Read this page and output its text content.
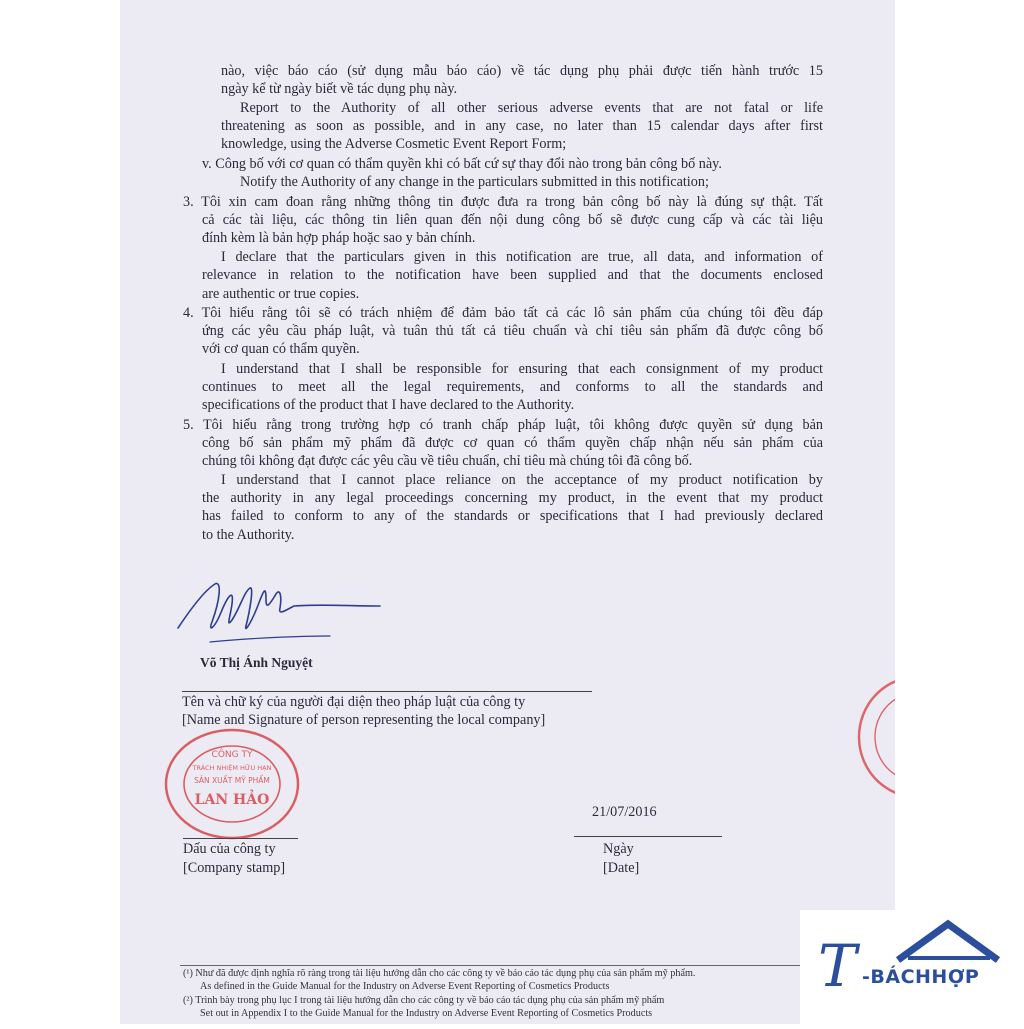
nào, việc báo cáo (sử dụng mẫu báo cáo) về tác dụng phụ phải được tiến hành trước 15
ngày kể từ ngày biết về tác dụng phụ này.
Report to the Authority of all other serious adverse events that are not fatal or life
threatening as soon as possible, and in any case, no later than 15 calendar days after first
knowledge, using the Adverse Cosmetic Event Report Form;
v. Công bố với cơ quan có thẩm quyền khi có bất cứ sự thay đổi nào trong bản công bố này.
Notify the Authority of any change in the particulars submitted in this notification;
3. Tôi xin cam đoan rằng những thông tin được đưa ra trong bản công bố này là đúng sự thật. Tất
cả các tài liệu, các thông tin liên quan đến nội dung công bố sẽ được cung cấp và các tài liệu
đính kèm là bản hợp pháp hoặc sao y bản chính.
I declare that the particulars given in this notification are true, all data, and information of
relevance in relation to the notification have been supplied and that the documents enclosed
are authentic or true copies.
4. Tôi hiểu rằng tôi sẽ có trách nhiệm để đảm bảo tất cả các lô sản phẩm của chúng tôi đều đáp
ứng các yêu cầu pháp luật, và tuân thủ tất cả tiêu chuẩn và chỉ tiêu sản phẩm đã được công bố
với cơ quan có thẩm quyền.
I understand that I shall be responsible for ensuring that each consignment of my product
continues to meet all the legal requirements, and conforms to all the standards and
specifications of the product that I have declared to the Authority.
5. Tôi hiểu rằng trong trường hợp có tranh chấp pháp luật, tôi không được quyền sử dụng bản
công bố sản phẩm mỹ phẩm đã được cơ quan có thẩm quyền chấp nhận nếu sản phẩm của
chúng tôi không đạt được các yêu cầu về tiêu chuẩn, chỉ tiêu mà chúng tôi đã công bố.
I understand that I cannot place reliance on the acceptance of my product notification by
the authority in any legal proceedings concerning my product, in the event that my product
has failed to conform to any of the standards or specifications that I had previously declared
to the Authority.
Võ Thị Ánh Nguyệt
Tên và chữ ký của người đại diện theo pháp luật của công ty
[Name and Signature of person representing the local company]
CÔNG TY
TRÁCH NHIỆM HỮU HẠN
SẢN XUẤT MỸ PHẨM
LAN HẢO
Dấu của công ty
[Company stamp]
21/07/2016
Ngày
[Date]
(¹) Như đã được định nghĩa rõ ràng trong tài liệu hướng dẫn cho các công ty về báo cáo tác dụng phụ của sản phẩm mỹ phẩm.
As defined in the Guide Manual for the Industry on Adverse Event Reporting of Cosmetics Products
(²) Trình bày trong phụ lục I trong tài liệu hướng dẫn cho các công ty về báo cáo tác dụng phụ của sản phẩm mỹ phẩm
Set out in Appendix I to the Guide Manual for the Industry on Adverse Event Reporting of Cosmetics Products
T -BÁCHHỢP
